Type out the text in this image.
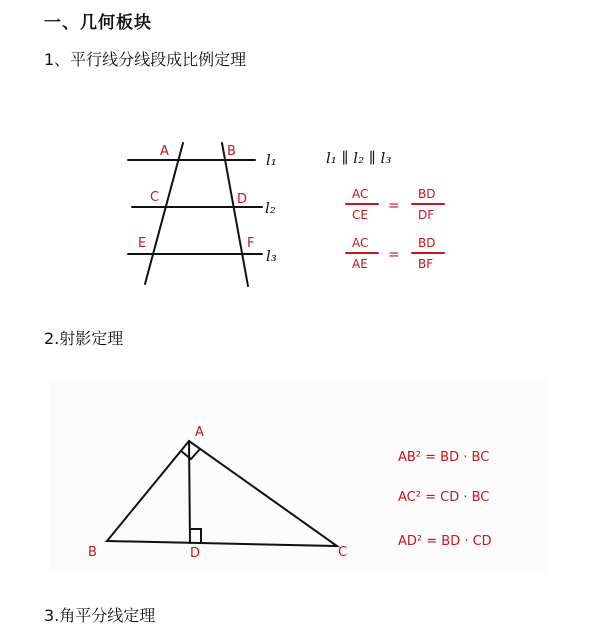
一、几何板块
1、平行线分线段成比例定理
2.射影定理
3.角平分线定理
A	B
C	D
E	F
l₁
l₂
l₃
l₁ ∥ l₂ ∥ l₃
AC
CE
=
BD
DF
AC
AE
=
BD
BF
A
B	D	C
AB² = BD · BC
AC² = CD · BC
AD² = BD · CD
